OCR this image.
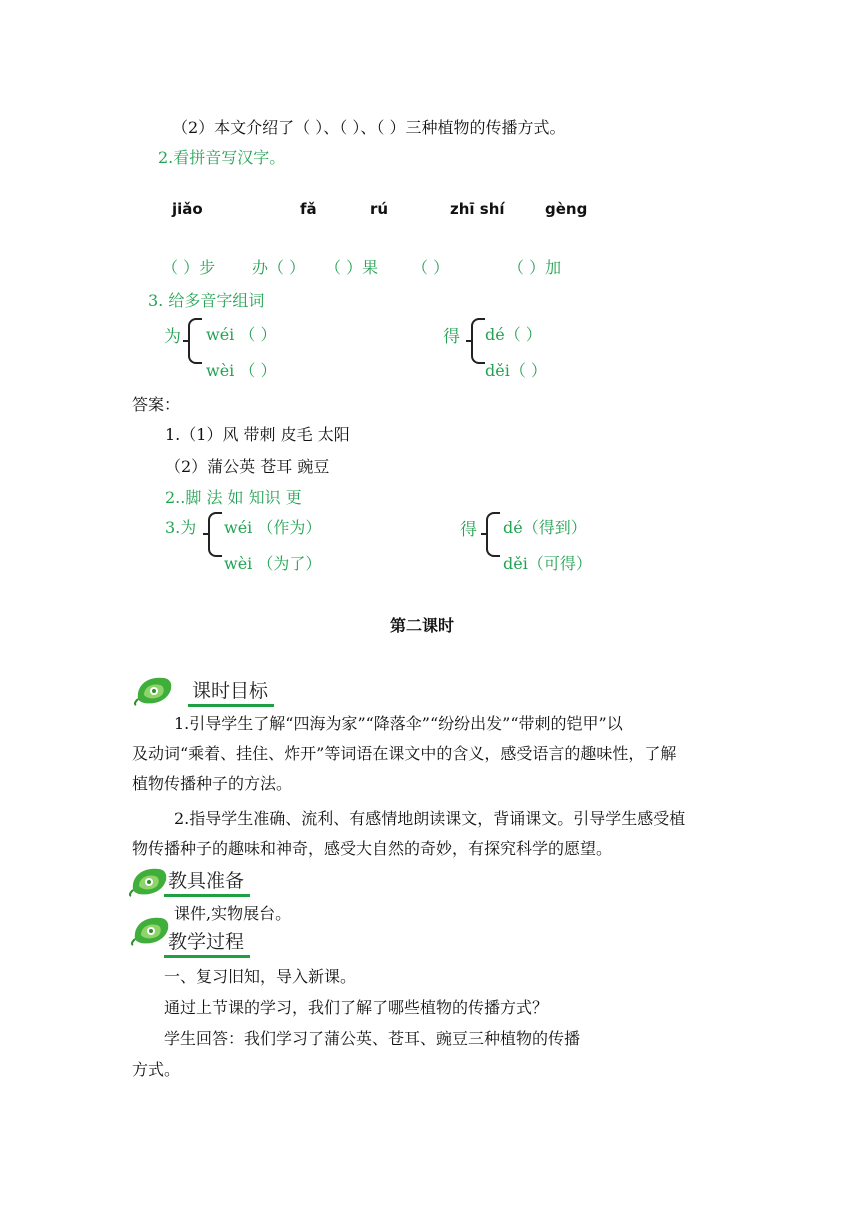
（2）本文介绍了（ ）、（ ）、（ ）三种植物的传播方式。
2.看拼音写汉字。
jiǎo	fǎ	rú	zhī shí	gèng
（ ）步 办（ ） （ ）果 （ ）	（ ）加
3. 给多音字组词
为 wéi （ ）
wèi （ ）
得 dé（ ）
děi（ ）
答案：
1.（1）风 带刺 皮毛 太阳
（2）蒲公英 苍耳 豌豆
2..脚 法 如 知识 更
3.为 wéi （作为）
wèi （为了）
得 dé（得到）
děi（可得）
第二课时
课时目标
1.引导学生了解“四海为家”“降落伞”“纷纷出发”“带刺的铠甲”以
及动词“乘着、挂住、炸开”等词语在课文中的含义，感受语言的趣味性，了解
植物传播种子的方法。
2.指导学生准确、流利、有感情地朗读课文，背诵课文。引导学生感受植
物传播种子的趣味和神奇，感受大自然的奇妙，有探究科学的愿望。
教具准备
课件,实物展台。
教学过程
一、复习旧知，导入新课。
通过上节课的学习，我们了解了哪些植物的传播方式？
学生回答：我们学习了蒲公英、苍耳、豌豆三种植物的传播
方式。
